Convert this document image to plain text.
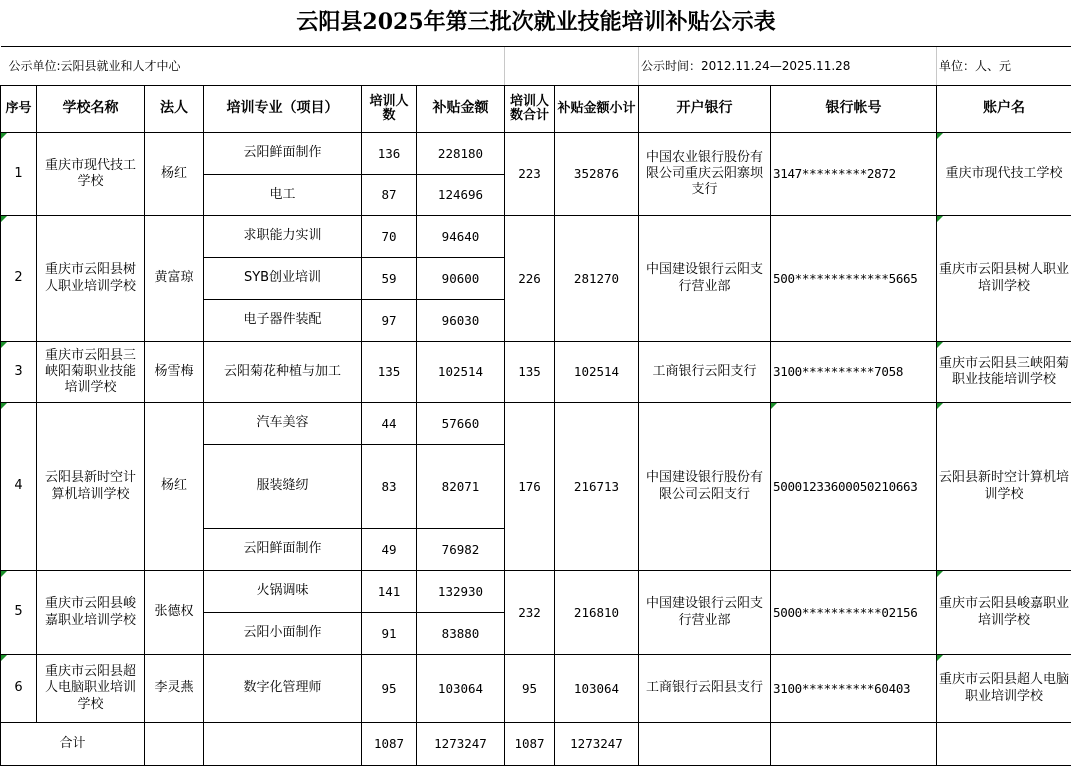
云阳县2025年第三批次就业技能培训补贴公示表										
公示单位:云阳县就业和人才中心								公示时间：2012.11.24—2025.11.28		单位：人、元
序号	学校名称	法人	培训专业（项目）	培训人数	补贴金额	培训人数合计	补贴金额小计	开户银行	银行帐号	账户名
1	重庆市现代技工学校	杨红	云阳鲜面制作	136	228180	223	352876	中国农业银行股份有限公司重庆云阳寨坝支行	3147*********2872	重庆市现代技工学校
			电工	87	124696					
2	重庆市云阳县树人职业培训学校	黄富琼	求职能力实训	70	94640	226	281270	中国建设银行云阳支行营业部	500*************5665	重庆市云阳县树人职业培训学校
			SYB创业培训	59	90600					
			电子器件装配	97	96030					
3	重庆市云阳县三峡阳菊职业技能培训学校	杨雪梅	云阳菊花种植与加工	135	102514	135	102514	工商银行云阳支行	3100**********7058	重庆市云阳县三峡阳菊职业技能培训学校
4	云阳县新时空计算机培训学校	杨红	汽车美容	44	57660	176	216713	中国建设银行股份有限公司云阳支行	50001233600050210663	云阳县新时空计算机培训学校
			服装缝纫	83	82071					
			云阳鲜面制作	49	76982					
5	重庆市云阳县峻嘉职业培训学校	张德权	火锅调味	141	132930	232	216810	中国建设银行云阳支行营业部	5000***********02156	重庆市云阳县峻嘉职业培训学校
			云阳小面制作	91	83880					
6	重庆市云阳县超人电脑职业培训学校	李灵燕	数字化管理师	95	103064	95	103064	工商银行云阳县支行	3100**********60403	重庆市云阳县超人电脑职业培训学校
合计				1087	1273247	1087	1273247			
